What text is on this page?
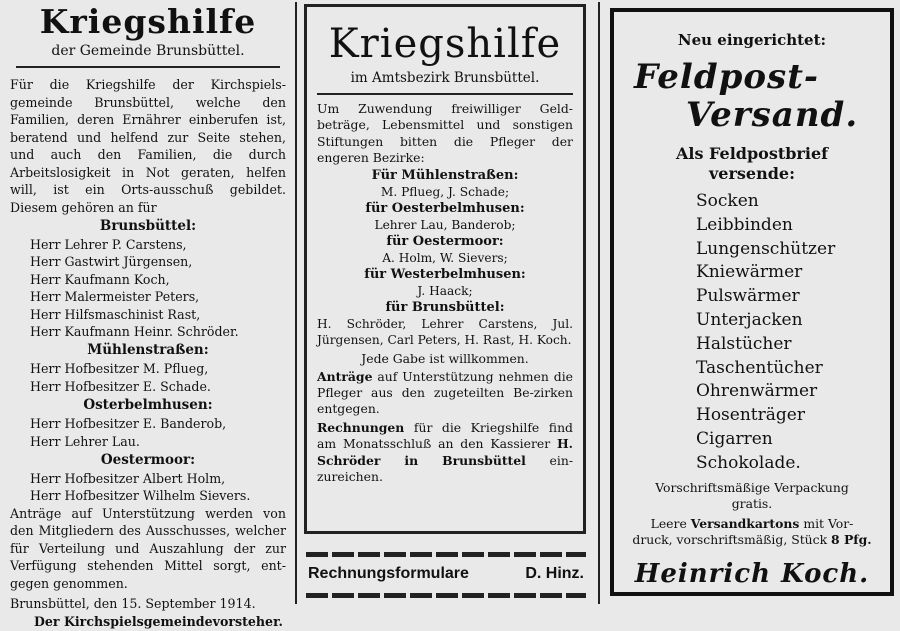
Kriegshilfe
der Gemeinde Brunsbüttel.
Für die Kriegshilfe der Kirchspiels-gemeinde Brunsbüttel, welche den Familien, deren Ernährer einberufen ist, beratend und helfend zur Seite stehen, und auch den Familien, die durch Arbeitslosigkeit in Not geraten, helfen will, ist ein Orts-ausschuß gebildet. Diesem gehören an für
Brunsbüttel:
Herr Lehrer P. Carstens,
Herr Gastwirt Jürgensen,
Herr Kaufmann Koch,
Herr Malermeister Peters,
Herr Hilfsmaschinist Rast,
Herr Kaufmann Heinr. Schröder.
Mühlenstraßen:
Herr Hofbesitzer M. Pflueg,
Herr Hofbesitzer E. Schade.
Osterbelmhusen:
Herr Hofbesitzer E. Banderob,
Herr Lehrer Lau.
Oestermoor:
Herr Hofbesitzer Albert Holm,
Herr Hofbesitzer Wilhelm Sievers.
Anträge auf Unterstützung werden von den Mitgliedern des Ausschusses, welcher für Verteilung und Auszahlung der zur Verfügung stehenden Mittel sorgt, ent-gegen genommen.
Brunsbüttel, den 15. September 1914.
Der Kirchspielsgemeindevorsteher.
Kriegshilfe
im Amtsbezirk Brunsbüttel.
Um Zuwendung freiwilliger Geld-beträge, Lebensmittel und sonstigen Stiftungen bitten die Pfleger der engeren Bezirke:
Für Mühlenstraßen:
M. Pflueg, J. Schade;
für Oesterbelmhusen:
Lehrer Lau, Banderob;
für Oestermoor:
A. Holm, W. Sievers;
für Westerbelmhusen:
J. Haack;
für Brunsbüttel:
H. Schröder, Lehrer Carstens, Jul. Jürgensen, Carl Peters, H. Rast, H. Koch.
Jede Gabe ist willkommen.
Anträge auf Unterstützung nehmen die Pfleger aus den zugeteilten Be-zirken entgegen.
Rechnungen für die Kriegshilfe find am Monatsschluß an den Kassierer H. Schröder in Brunsbüttel ein-zureichen.
Rechnungsformulare	D. Hinz.
Neu eingerichtet:
Feldpost-
Versand.
Als Feldpostbrief
versende:
Socken
Leibbinden
Lungenschützer
Kniewärmer
Pulswärmer
Unterjacken
Halstücher
Taschentücher
Ohrenwärmer
Hosenträger
Cigarren
Schokolade.
Vorschriftsmäßige Verpackung
gratis.
Leere Versandkartons mit Vor-
druck, vorschriftsmäßig, Stück 8 Pfg.
Heinrich Koch.
